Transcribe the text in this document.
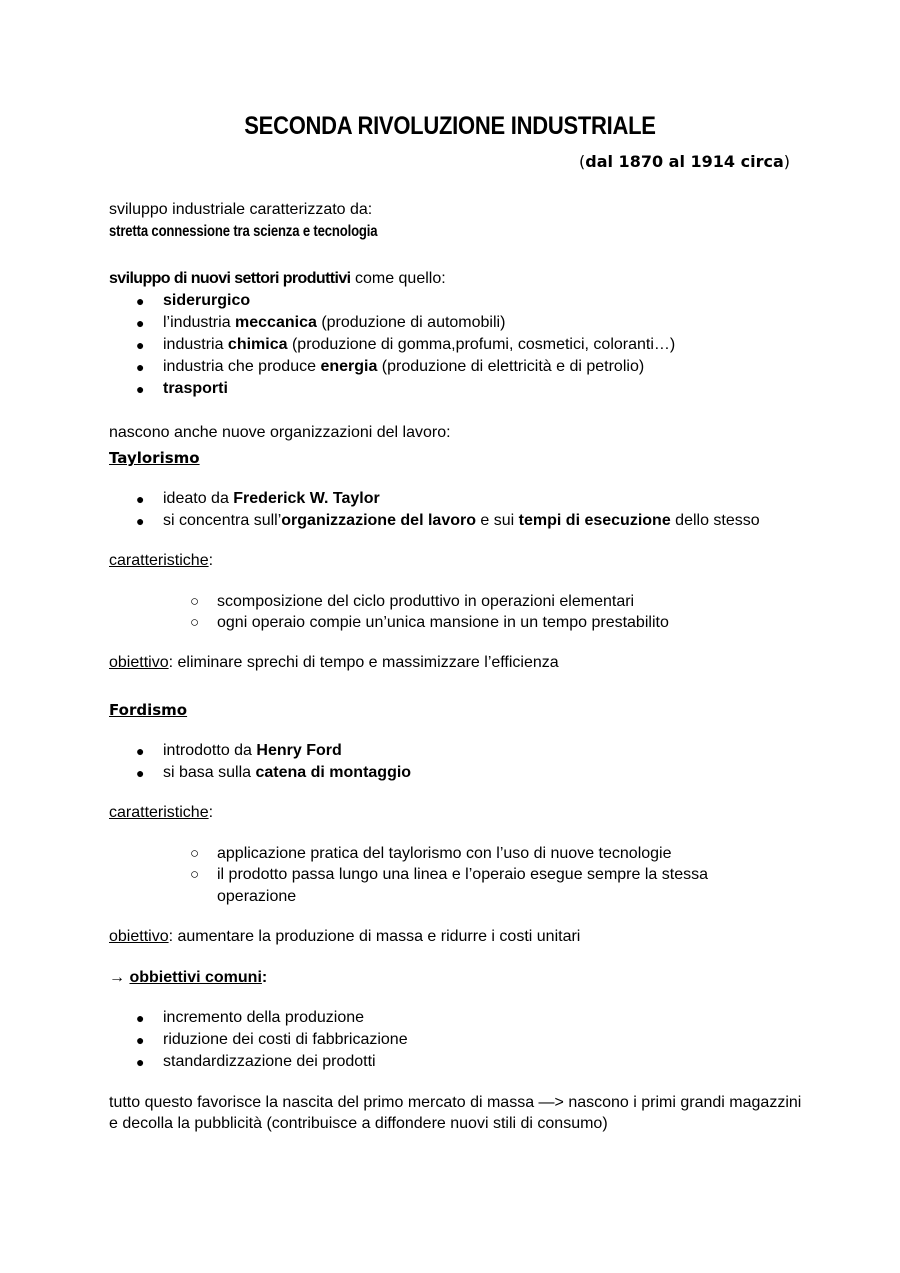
SECONDA RIVOLUZIONE INDUSTRIALE
(dal 1870 al 1914 circa)
sviluppo industriale caratterizzato da:
stretta connessione tra scienza e tecnologia
sviluppo di nuovi settori produttivi come quello:
● siderurgico
● l’industria meccanica (produzione di automobili)
● industria chimica (produzione di gomma,profumi, cosmetici, coloranti…)
● industria che produce energia (produzione di elettricità e di petrolio)
● trasporti
nascono anche nuove organizzazioni del lavoro:
Taylorismo
● ideato da Frederick W. Taylor
● si concentra sull’organizzazione del lavoro e sui tempi di esecuzione dello stesso
caratteristiche:
○ scomposizione del ciclo produttivo in operazioni elementari
○ ogni operaio compie un’unica mansione in un tempo prestabilito
obiettivo: eliminare sprechi di tempo e massimizzare l’efficienza
Fordismo
● introdotto da Henry Ford
● si basa sulla catena di montaggio
caratteristiche:
○ applicazione pratica del taylorismo con l’uso di nuove tecnologie
○ il prodotto passa lungo una linea e l’operaio esegue sempre la stessa
operazione
obiettivo: aumentare la produzione di massa e ridurre i costi unitari
→ obbiettivi comuni:
● incremento della produzione
● riduzione dei costi di fabbricazione
● standardizzazione dei prodotti
tutto questo favorisce la nascita del primo mercato di massa —> nascono i primi grandi magazzini e decolla la pubblicità (contribuisce a diffondere nuovi stili di consumo)
